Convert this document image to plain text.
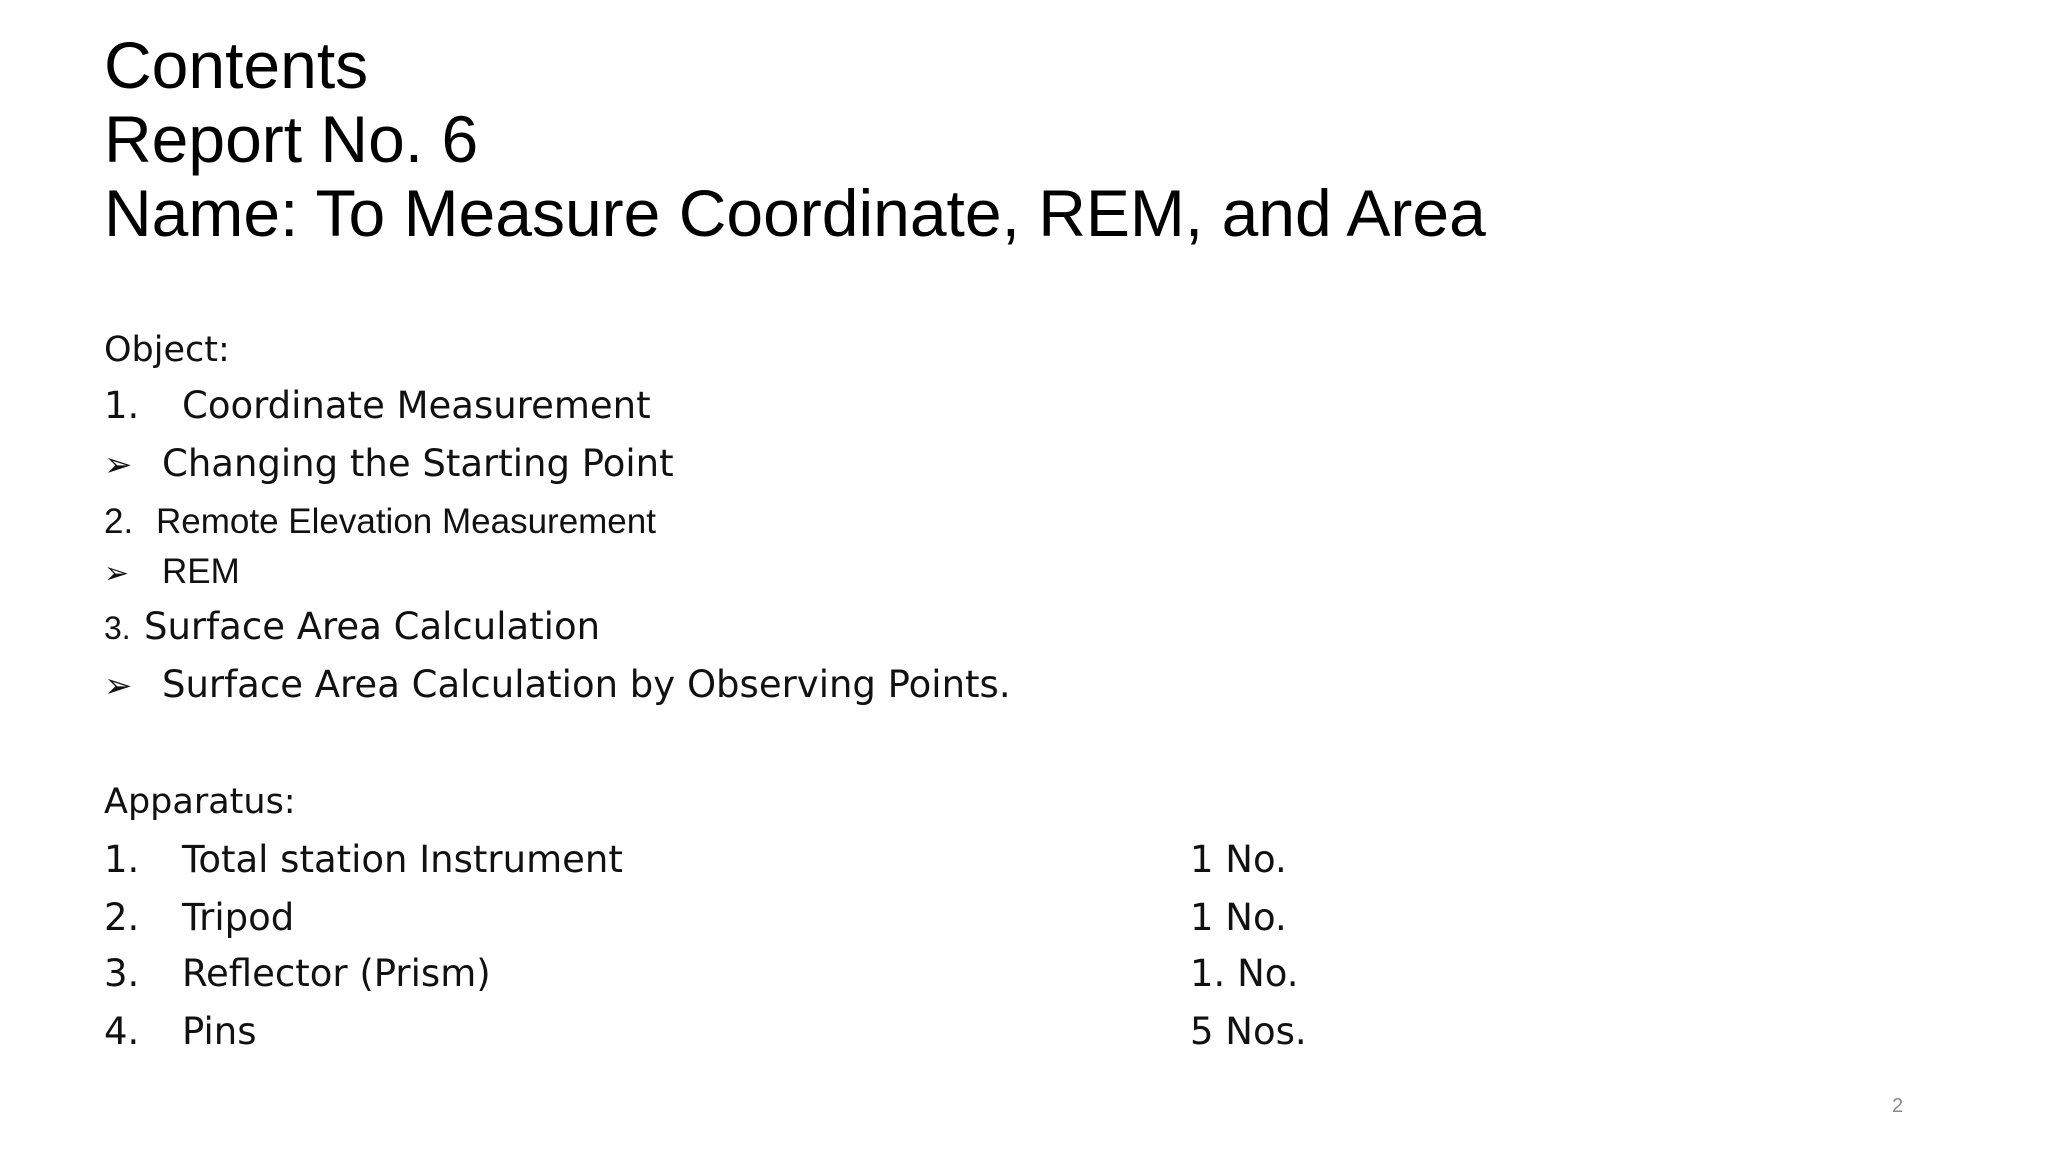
Contents
Report No. 6
Name: To Measure Coordinate, REM, and Area
Object:
1. Coordinate Measurement
➢ Changing the Starting Point
2. Remote Elevation Measurement
➢ REM
3. Surface Area Calculation
➢ Surface Area Calculation by Observing Points.
Apparatus:
1. Total station Instrument	1 No.
2. Tripod	1 No.
3. Reflector (Prism)	1. No.
4. Pins	5 Nos.
2
